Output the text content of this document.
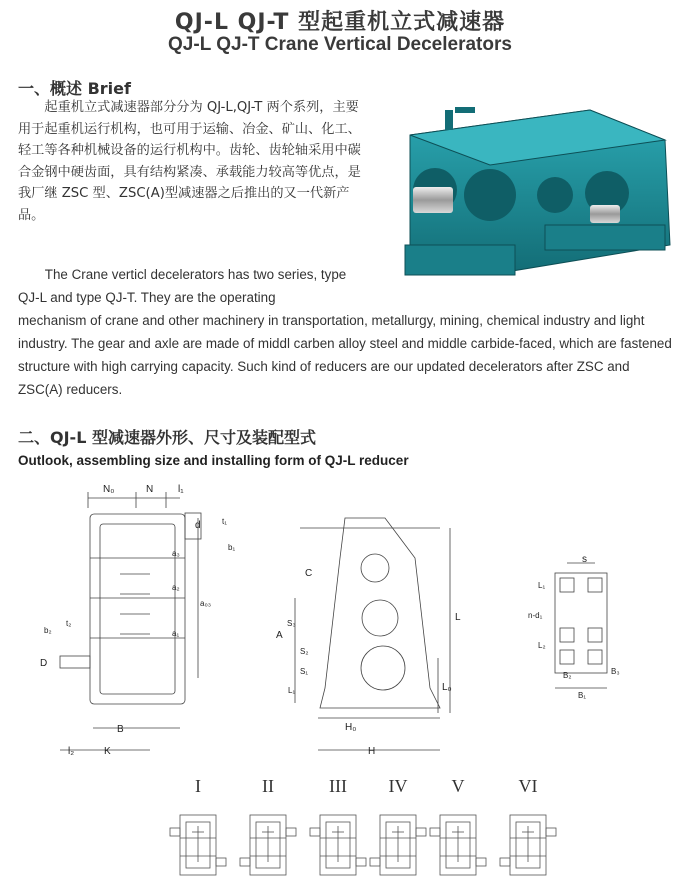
QJ-L QJ-T 型起重机立式减速器
QJ-L QJ-T Crane Vertical Decelerators
一、概述 Brief

起重机立式减速器部分分为 QJ-L,QJ-T 两个系列，主要用于起重机运行机构，也可用于运输、冶金、矿山、化工、轻工等各种机械设备的运行机构中。齿轮、齿轮轴采用中碳合金钢中硬齿面，具有结构紧凑、承载能力较高等优点，是我厂继 ZSC 型、ZSC(A)型减速器之后推出的又一代新产品。

The Crane verticl decelerators has two series, type QJ-L and type QJ-T. They are the operating
mechanism of crane and other machinery in transportation, metallurgy, mining, chemical industry and light industry. The gear and axle are made of middl carben alloy steel and middle carbide-faced, which are fastened structure with high carrying capacity. Such kind of reducers are our updated decelerators after ZSC and ZSC(A) reducers.
二、QJ-L 型减速器外形、尺寸及装配型式
Outlook, assembling size and installing form of QJ-L reducer
N₀	N l₁
d	t₁
b₁
a₃
a₂
a₀₃
a₁
b₂
t₂
D
B
l₂	K
C
A
S₃
S₂
S₁
L₁
L
L₀
H₀
H
s
L₁
n-d₁
L₂
B₂	B₃
B₁
I	II	III IV V	VI
